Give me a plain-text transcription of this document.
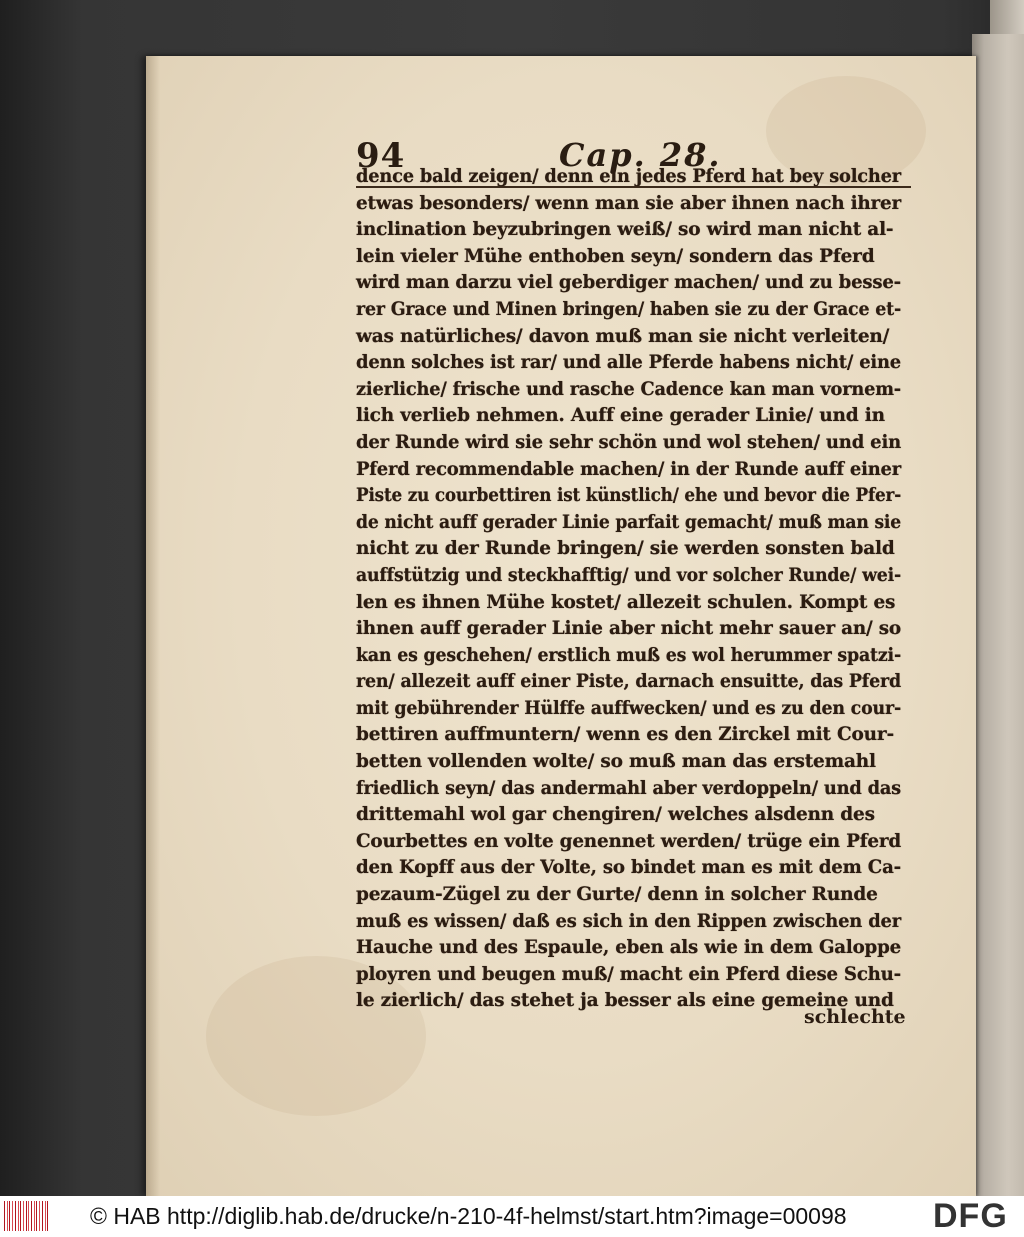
94	Cap. 28.
dence bald zeigen/ denn ein jedes Pferd hat bey solcher
etwas besonders/ wenn man sie aber ihnen nach ihrer
inclination beyzubringen weiß/ so wird man nicht al-
lein vieler Mühe enthoben seyn/ sondern das Pferd
wird man darzu viel geberdiger machen/ und zu besse-
rer Grace und Minen bringen/ haben sie zu der Grace et-
was natürliches/ davon muß man sie nicht verleiten/
denn solches ist rar/ und alle Pferde habens nicht/ eine
zierliche/ frische und rasche Cadence kan man vornem-
lich verlieb nehmen. Auff eine gerader Linie/ und in
der Runde wird sie sehr schön und wol stehen/ und ein
Pferd recommendable machen/ in der Runde auff einer
Piste zu courbettiren ist künstlich/ ehe und bevor die Pfer-
de nicht auff gerader Linie parfait gemacht/ muß man sie
nicht zu der Runde bringen/ sie werden sonsten bald
auffstützig und steckhafftig/ und vor solcher Runde/ wei-
len es ihnen Mühe kostet/ allezeit schulen. Kompt es
ihnen auff gerader Linie aber nicht mehr sauer an/ so
kan es geschehen/ erstlich muß es wol herummer spatzi-
ren/ allezeit auff einer Piste, darnach ensuitte, das Pferd
mit gebührender Hülffe auffwecken/ und es zu den cour-
bettiren auffmuntern/ wenn es den Zirckel mit Cour-
betten vollenden wolte/ so muß man das erstemahl
friedlich seyn/ das andermahl aber verdoppeln/ und das
drittemahl wol gar chengiren/ welches alsdenn des
Courbettes en volte genennet werden/ trüge ein Pferd
den Kopff aus der Volte, so bindet man es mit dem Ca-
pezaum-Zügel zu der Gurte/ denn in solcher Runde
muß es wissen/ daß es sich in den Rippen zwischen der
Hauche und des Espaule, eben als wie in dem Galoppe
ployren und beugen muß/ macht ein Pferd diese Schu-
le zierlich/ das stehet ja besser als eine gemeine und
schlechte
© HAB http://diglib.hab.de/drucke/n-210-4f-helmst/start.htm?image=00098	DFG
